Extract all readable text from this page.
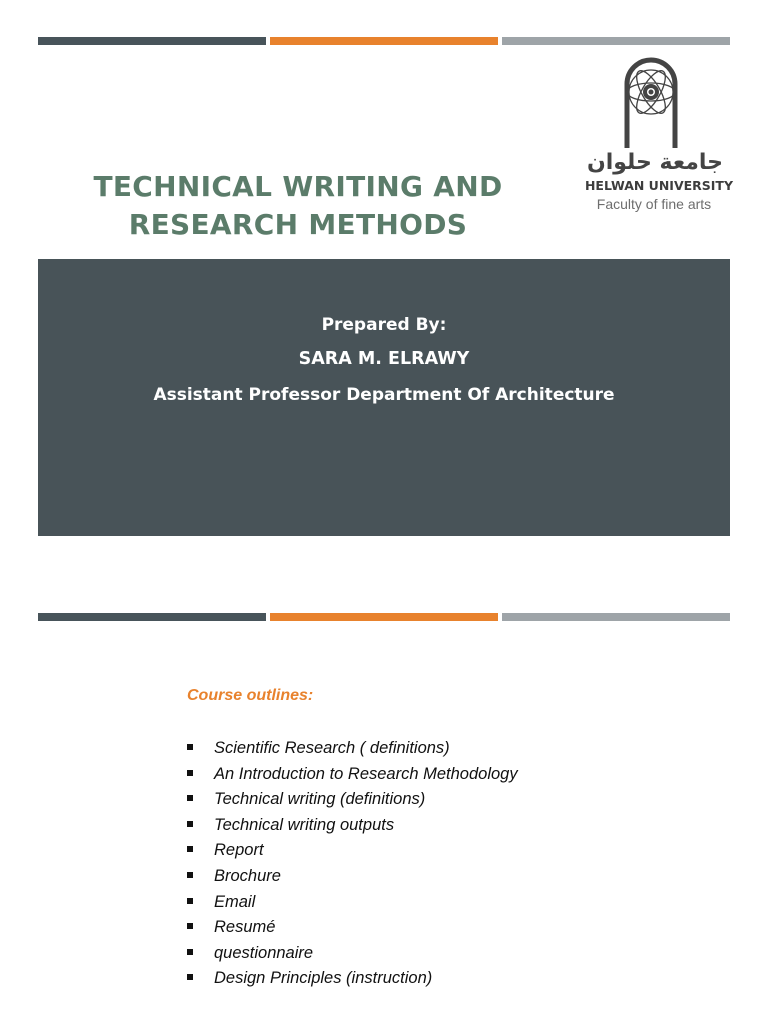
TECHNICAL WRITING AND
RESEARCH METHODS
جامعة حلوان
HELWAN UNIVERSITY
Faculty of fine arts
Prepared By:
SARA M. ELRAWY
Assistant Professor Department Of Architecture
Course outlines:
Scientific Research ( definitions)
An Introduction to Research Methodology
Technical writing (definitions)
Technical writing outputs
Report
Brochure
Email
Resumé
questionnaire
Design Principles (instruction)
